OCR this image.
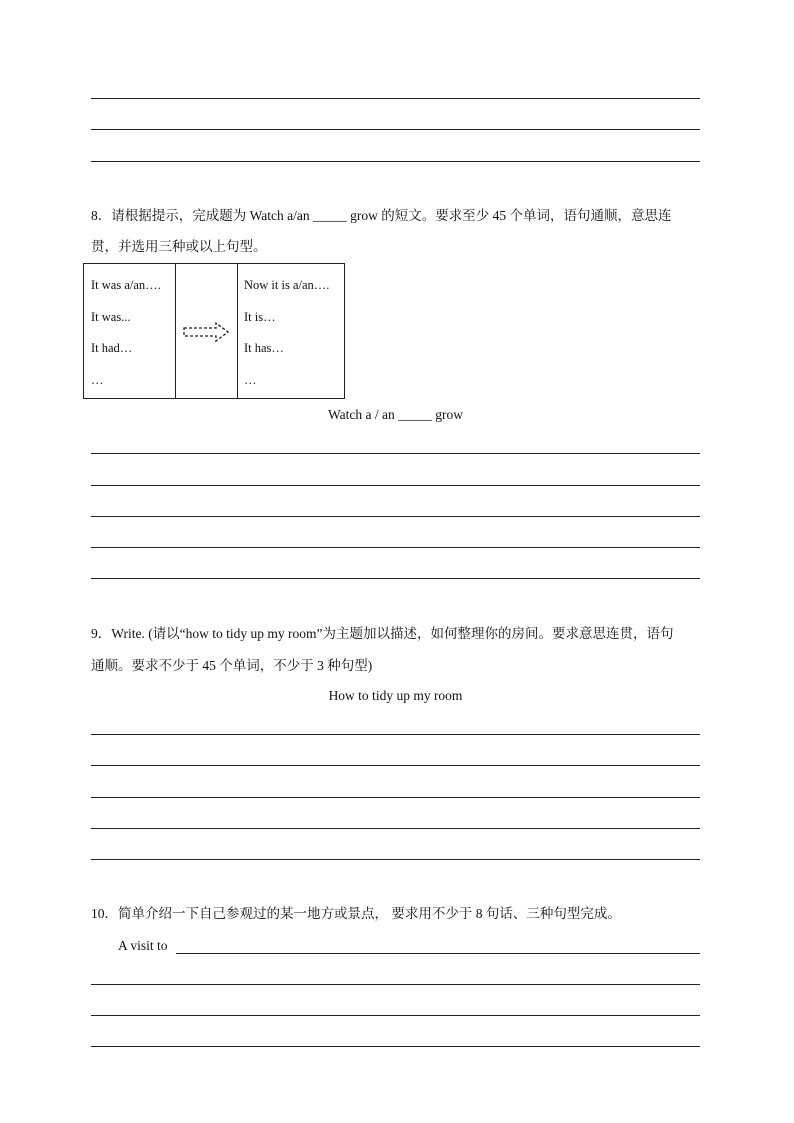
8．请根据提示，完成题为 Watch a/an _____ grow 的短文。要求至少 45 个单词，语句通顺，意思连
贯，并选用三种或以上句型。
It was a/an….
It was...
It had…
…
Now it is a/an….
It is…
It has…
…
Watch a / an _____ grow
9．Write. (请以“how to tidy up my room”为主题加以描述，如何整理你的房间。要求意思连贯，语句
通顺。要求不少于 45 个单词，不少于 3 种句型)
How to tidy up my room
10．简单介绍一下自己参观过的某一地方或景点， 要求用不少于 8 句话、三种句型完成。
A visit to
